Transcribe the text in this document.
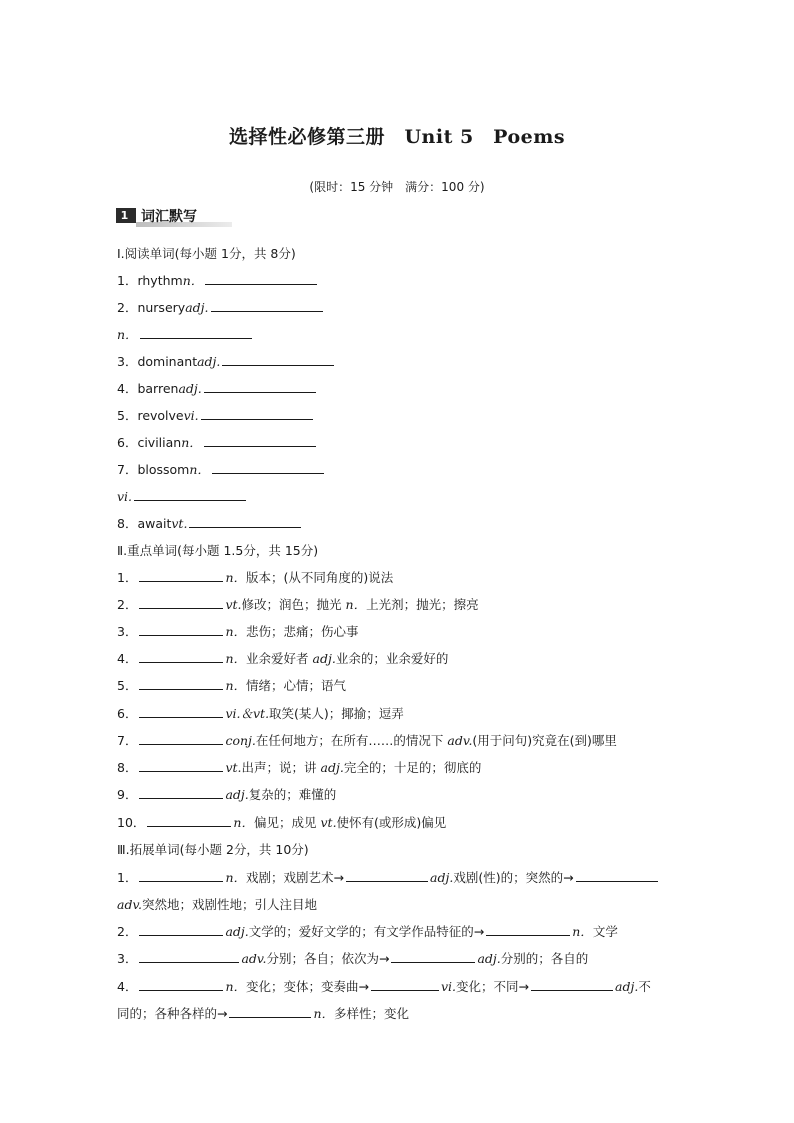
选择性必修第三册　Unit 5　Poems
(限时：15 分钟　满分：100 分)
1 词汇默写
Ⅰ.阅读单词(每小题 1分，共 8分)
1．rhythmn．
2．nurseryadj.
n．
3．dominantadj.
4．barrenadj.
5．revolvevi.
6．civiliann．
7．blossomn．
vi.
8．awaitvt.
Ⅱ.重点单词(每小题 1.5分，共 15分)
1．	n．版本；(从不同角度的)说法
2．	vt.修改；润色；抛光 n．上光剂；抛光；擦亮
3．	n．悲伤；悲痛；伤心事
4．	n．业余爱好者 adj.业余的；业余爱好的
5．	n．情绪；心情；语气
6．	vi.＆vt.取笑(某人)；揶揄；逗弄
7．	conj.在任何地方；在所有……的情况下 adv.(用于问句)究竟在(到)哪里
8．	vt.出声；说；讲 adj.完全的；十足的；彻底的
9．	adj.复杂的；难懂的
10．	n．偏见；成见 vt.使怀有(或形成)偏见
Ⅲ.拓展单词(每小题 2分，共 10分)
1．	n．戏剧；戏剧艺术→	adj.戏剧(性)的；突然的→
adv.突然地；戏剧性地；引人注目地
2．	adj.文学的；爱好文学的；有文学作品特征的→	n．文学
3．	adv.分别；各自；依次为→	adj.分别的；各自的
4．	n．变化；变体；变奏曲→	vi.变化；不同→	adj.不
同的；各种各样的→	n．多样性；变化
